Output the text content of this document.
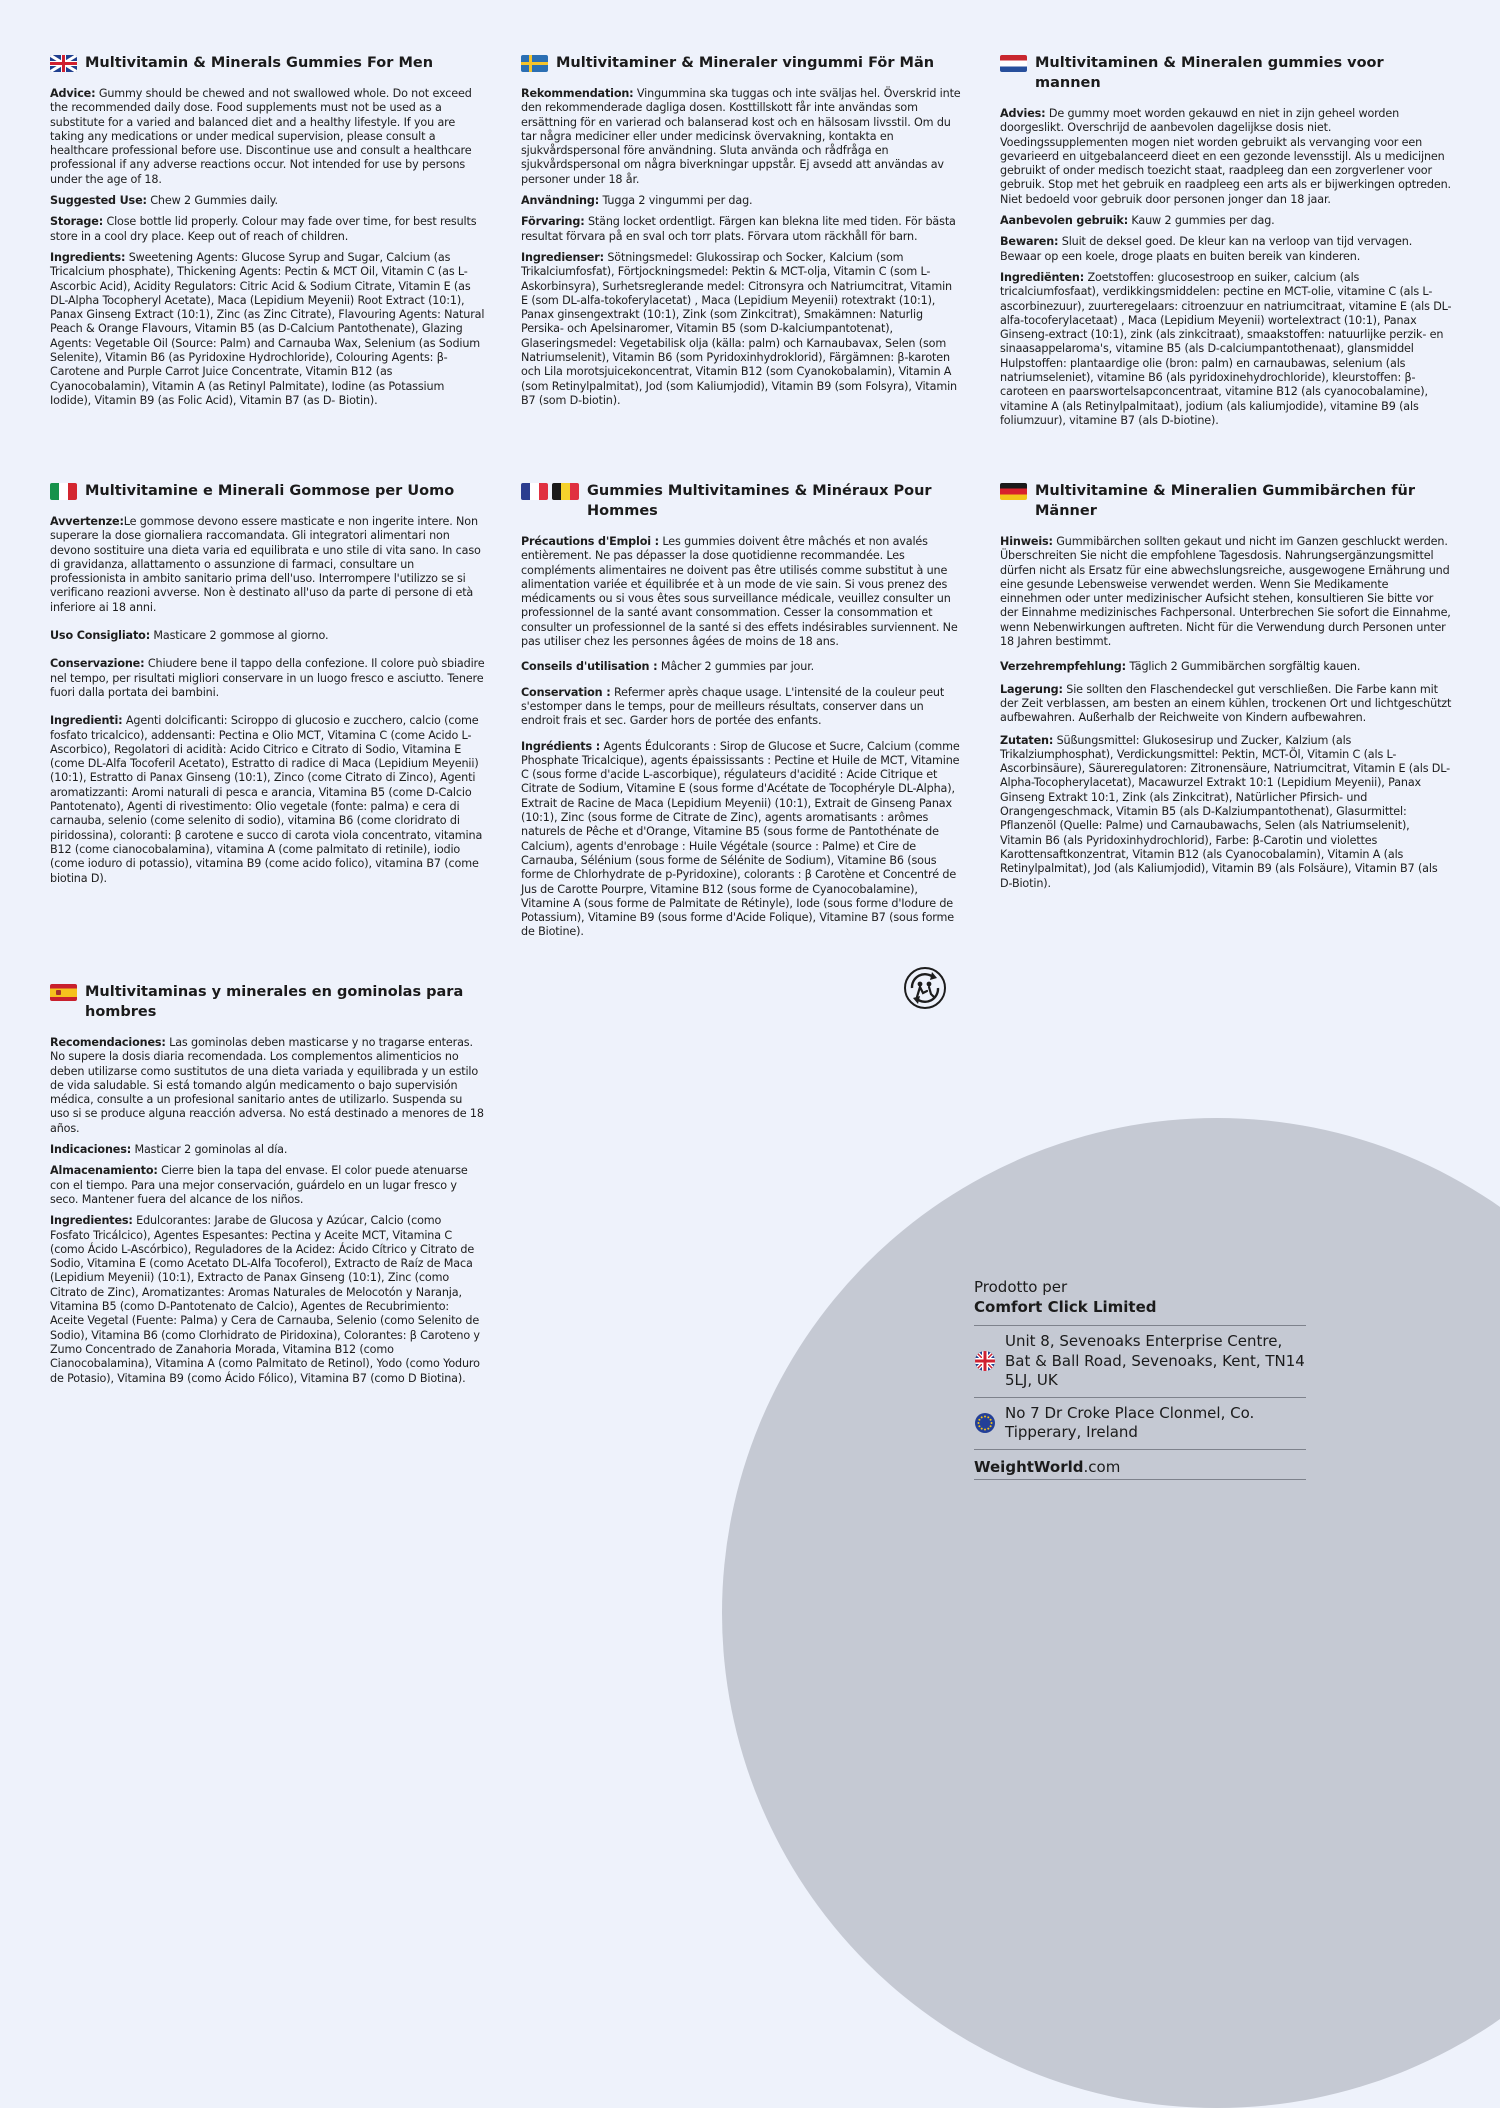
Multivitamin & Minerals Gummies For Men

Advice: Gummy should be chewed and not swallowed whole. Do not exceed the recommended daily dose. Food supplements must not be used as a substitute for a varied and balanced diet and a healthy lifestyle. If you are taking any medications or under medical supervision, please consult a healthcare professional before use. Discontinue use and consult a healthcare professional if any adverse reactions occur. Not intended for use by persons under the age of 18.

Suggested Use: Chew 2 Gummies daily.

Storage: Close bottle lid properly. Colour may fade over time, for best results store in a cool dry place. Keep out of reach of children.

Ingredients: Sweetening Agents: Glucose Syrup and Sugar, Calcium (as Tricalcium phosphate), Thickening Agents: Pectin & MCT Oil, Vitamin C (as L- Ascorbic Acid), Acidity Regulators: Citric Acid & Sodium Citrate, Vitamin E (as DL-Alpha Tocopheryl Acetate), Maca (Lepidium Meyenii) Root Extract (10:1), Panax Ginseng Extract (10:1), Zinc (as Zinc Citrate), Flavouring Agents: Natural Peach & Orange Flavours, Vitamin B5 (as D-Calcium Pantothenate), Glazing Agents: Vegetable Oil (Source: Palm) and Carnauba Wax, Selenium (as Sodium Selenite), Vitamin B6 (as Pyridoxine Hydrochloride), Colouring Agents: β-Carotene and Purple Carrot Juice Concentrate, Vitamin B12 (as Cyanocobalamin), Vitamin A (as Retinyl Palmitate), Iodine (as Potassium Iodide), Vitamin B9 (as Folic Acid), Vitamin B7 (as D- Biotin).

Multivitaminer & Mineraler vingummi För Män

Rekommendation: Vingummina ska tuggas och inte sväljas hel. Överskrid inte den rekommenderade dagliga dosen. Kosttillskott får inte användas som ersättning för en varierad och balanserad kost och en hälsosam livsstil. Om du tar några mediciner eller under medicinsk övervakning, kontakta en sjukvårdspersonal före användning. Sluta använda och rådfråga en sjukvårdspersonal om några biverkningar uppstår. Ej avsedd att användas av personer under 18 år.

Användning: Tugga 2 vingummi per dag.

Förvaring: Stäng locket ordentligt. Färgen kan blekna lite med tiden. För bästa resultat förvara på en sval och torr plats. Förvara utom räckhåll för barn.

Ingredienser: Sötningsmedel: Glukossirap och Socker, Kalcium (som Trikalciumfosfat), Förtjockningsmedel: Pektin & MCT-olja, Vitamin C (som L-Askorbinsyra), Surhetsreglerande medel: Citronsyra och Natriumcitrat, Vitamin E (som DL-alfa-tokoferylacetat) , Maca (Lepidium Meyenii) rotextrakt (10:1), Panax ginsengextrakt (10:1), Zink (som Zinkcitrat), Smakämnen: Naturlig Persika- och Apelsinaromer, Vitamin B5 (som D-kalciumpantotenat), Glaseringsmedel: Vegetabilisk olja (källa: palm) och Karnaubavax, Selen (som Natriumselenit), Vitamin B6 (som Pyridoxinhydroklorid), Färgämnen: β-karoten och Lila morotsjuicekoncentrat, Vitamin B12 (som Cyanokobalamin), Vitamin A (som Retinylpalmitat), Jod (som Kaliumjodid), Vitamin B9 (som Folsyra), Vitamin B7 (som D-biotin).

Multivitaminen & Mineralen gummies voor mannen

Advies: De gummy moet worden gekauwd en niet in zijn geheel worden doorgeslikt. Overschrijd de aanbevolen dagelijkse dosis niet. Voedingssupplementen mogen niet worden gebruikt als vervanging voor een gevarieerd en uitgebalanceerd dieet en een gezonde levensstijl. Als u medicijnen gebruikt of onder medisch toezicht staat, raadpleeg dan een zorgverlener voor gebruik. Stop met het gebruik en raadpleeg een arts als er bijwerkingen optreden. Niet bedoeld voor gebruik door personen jonger dan 18 jaar.

Aanbevolen gebruik: Kauw 2 gummies per dag.

Bewaren: Sluit de deksel goed. De kleur kan na verloop van tijd vervagen. Bewaar op een koele, droge plaats en buiten bereik van kinderen.

Ingrediënten: Zoetstoffen: glucosestroop en suiker, calcium (als tricalciumfosfaat), verdikkingsmiddelen: pectine en MCT-olie, vitamine C (als L-ascorbinezuur), zuurteregelaars: citroenzuur en natriumcitraat, vitamine E (als DL-alfa-tocoferylacetaat) , Maca (Lepidium Meyenii) wortelextract (10:1), Panax Ginseng-extract (10:1), zink (als zinkcitraat), smaakstoffen: natuurlijke perzik- en sinaasappelaroma's, vitamine B5 (als D-calciumpantothenaat), glansmiddel Hulpstoffen: plantaardige olie (bron: palm) en carnaubawas, selenium (als natriumseleniet), vitamine B6 (als pyridoxinehydrochloride), kleurstoffen: β-caroteen en paarswortelsapconcentraat, vitamine B12 (als cyanocobalamine), vitamine A (als Retinylpalmitaat), jodium (als kaliumjodide), vitamine B9 (als foliumzuur), vitamine B7 (als D-biotine).

Multivitamine e Minerali Gommose per Uomo

Avvertenze:Le gommose devono essere masticate e non ingerite intere. Non superare la dose giornaliera raccomandata. Gli integratori alimentari non devono sostituire una dieta varia ed equilibrata e uno stile di vita sano. In caso di gravidanza, allattamento o assunzione di farmaci, consultare un professionista in ambito sanitario prima dell'uso. Interrompere l'utilizzo se si verificano reazioni avverse. Non è destinato all'uso da parte di persone di età inferiore ai 18 anni.

Uso Consigliato: Masticare 2 gommose al giorno.

Conservazione: Chiudere bene il tappo della confezione. Il colore può sbiadire nel tempo, per risultati migliori conservare in un luogo fresco e asciutto. Tenere fuori dalla portata dei bambini.

Ingredienti: Agenti dolcificanti: Sciroppo di glucosio e zucchero, calcio (come fosfato tricalcico), addensanti: Pectina e Olio MCT, Vitamina C (come Acido L- Ascorbico), Regolatori di acidità: Acido Citrico e Citrato di Sodio, Vitamina E (come DL-Alfa Tocoferil Acetato), Estratto di radice di Maca (Lepidium Meyenii) (10:1), Estratto di Panax Ginseng (10:1), Zinco (come Citrato di Zinco), Agenti aromatizzanti: Aromi naturali di pesca e arancia, Vitamina B5 (come D-Calcio Pantotenato), Agenti di rivestimento: Olio vegetale (fonte: palma) e cera di carnauba, selenio (come selenito di sodio), vitamina B6 (come cloridrato di piridossina), coloranti: β carotene e succo di carota viola concentrato, vitamina B12 (come cianocobalamina), vitamina A (come palmitato di retinile), iodio (come ioduro di potassio), vitamina B9 (come acido folico), vitamina B7 (come biotina D).

Gummies Multivitamines & Minéraux Pour Hommes

Précautions d'Emploi : Les gummies doivent être mâchés et non avalés entièrement. Ne pas dépasser la dose quotidienne recommandée. Les compléments alimentaires ne doivent pas être utilisés comme substitut à une alimentation variée et équilibrée et à un mode de vie sain. Si vous prenez des médicaments ou si vous êtes sous surveillance médicale, veuillez consulter un professionnel de la santé avant consommation. Cesser la consommation et consulter un professionnel de la santé si des effets indésirables surviennent. Ne pas utiliser chez les personnes âgées de moins de 18 ans.

Conseils d'utilisation : Mâcher 2 gummies par jour.

Conservation : Refermer après chaque usage. L'intensité de la couleur peut s'estomper dans le temps, pour de meilleurs résultats, conserver dans un endroit frais et sec. Garder hors de portée des enfants.

Ingrédients : Agents Édulcorants : Sirop de Glucose et Sucre, Calcium (comme Phosphate Tricalcique), agents épaississants : Pectine et Huile de MCT, Vitamine C (sous forme d'acide L-ascorbique), régulateurs d'acidité : Acide Citrique et Citrate de Sodium, Vitamine E (sous forme d'Acétate de Tocophéryle DL-Alpha), Extrait de Racine de Maca (Lepidium Meyenii) (10:1), Extrait de Ginseng Panax (10:1), Zinc (sous forme de Citrate de Zinc), agents aromatisants : arômes naturels de Pêche et d'Orange, Vitamine B5 (sous forme de Pantothénate de Calcium), agents d'enrobage : Huile Végétale (source : Palme) et Cire de Carnauba, Sélénium (sous forme de Sélénite de Sodium), Vitamine B6 (sous forme de Chlorhydrate de p-Pyridoxine), colorants : β Carotène et Concentré de Jus de Carotte Pourpre, Vitamine B12 (sous forme de Cyanocobalamine), Vitamine A (sous forme de Palmitate de Rétinyle), Iode (sous forme d'Iodure de Potassium), Vitamine B9 (sous forme d'Acide Folique), Vitamine B7 (sous forme de Biotine).

Multivitamine & Mineralien Gummibärchen für Männer

Hinweis: Gummibärchen sollten gekaut und nicht im Ganzen geschluckt werden. Überschreiten Sie nicht die empfohlene Tagesdosis. Nahrungsergänzungsmittel dürfen nicht als Ersatz für eine abwechslungsreiche, ausgewogene Ernährung und eine gesunde Lebensweise verwendet werden. Wenn Sie Medikamente einnehmen oder unter medizinischer Aufsicht stehen, konsultieren Sie bitte vor der Einnahme medizinisches Fachpersonal. Unterbrechen Sie sofort die Einnahme, wenn Nebenwirkungen auftreten. Nicht für die Verwendung durch Personen unter 18 Jahren bestimmt.

Verzehrempfehlung: Täglich 2 Gummibärchen sorgfältig kauen.

Lagerung: Sie sollten den Flaschendeckel gut verschließen. Die Farbe kann mit der Zeit verblassen, am besten an einem kühlen, trockenen Ort und lichtgeschützt aufbewahren. Außerhalb der Reichweite von Kindern aufbewahren.

Zutaten: Süßungsmittel: Glukosesirup und Zucker, Kalzium (als Trikalziumphosphat), Verdickungsmittel: Pektin, MCT-Öl, Vitamin C (als L-Ascorbinsäure), Säureregulatoren: Zitronensäure, Natriumcitrat, Vitamin E (als DL-Alpha-Tocopherylacetat), Macawurzel Extrakt 10:1 (Lepidium Meyenii), Panax Ginseng Extrakt 10:1, Zink (als Zinkcitrat), Natürlicher Pfirsich- und Orangengeschmack, Vitamin B5 (als D-Kalziumpantothenat), Glasurmittel: Pflanzenöl (Quelle: Palme) und Carnaubawachs, Selen (als Natriumselenit), Vitamin B6 (als Pyridoxinhydrochlorid), Farbe: β-Carotin und violettes Karottensaftkonzentrat, Vitamin B12 (als Cyanocobalamin), Vitamin A (als Retinylpalmitat), Jod (als Kaliumjodid), Vitamin B9 (als Folsäure), Vitamin B7 (als D-Biotin).

Multivitaminas y minerales en gominolas para hombres

Recomendaciones: Las gominolas deben masticarse y no tragarse enteras. No supere la dosis diaria recomendada. Los complementos alimenticios no deben utilizarse como sustitutos de una dieta variada y equilibrada y un estilo de vida saludable. Si está tomando algún medicamento o bajo supervisión médica, consulte a un profesional sanitario antes de utilizarlo. Suspenda su uso si se produce alguna reacción adversa. No está destinado a menores de 18 años.

Indicaciones: Masticar 2 gominolas al día.

Almacenamiento: Cierre bien la tapa del envase. El color puede atenuarse con el tiempo. Para una mejor conservación, guárdelo en un lugar fresco y seco. Mantener fuera del alcance de los niños.

Ingredientes: Edulcorantes: Jarabe de Glucosa y Azúcar, Calcio (como Fosfato Tricálcico), Agentes Espesantes: Pectina y Aceite MCT, Vitamina C (como Ácido L-Ascórbico), Reguladores de la Acidez: Ácido Cítrico y Citrato de Sodio, Vitamina E (como Acetato DL-Alfa Tocoferol), Extracto de Raíz de Maca (Lepidium Meyenii) (10:1), Extracto de Panax Ginseng (10:1), Zinc (como Citrato de Zinc), Aromatizantes: Aromas Naturales de Melocotón y Naranja, Vitamina B5 (como D-Pantotenato de Calcio), Agentes de Recubrimiento: Aceite Vegetal (Fuente: Palma) y Cera de Carnauba, Selenio (como Selenito de Sodio), Vitamina B6 (como Clorhidrato de Piridoxina), Colorantes: β Caroteno y Zumo Concentrado de Zanahoria Morada, Vitamina B12 (como Cianocobalamina), Vitamina A (como Palmitato de Retinol), Yodo (como Yoduro de Potasio), Vitamina B9 (como Ácido Fólico), Vitamina B7 (como D Biotina).

Prodotto per
Comfort Click Limited
Unit 8, Sevenoaks Enterprise Centre, Bat & Ball Road, Sevenoaks, Kent, TN14 5LJ, UK
No 7 Dr Croke Place Clonmel, Co. Tipperary, Ireland
WeightWorld.com
